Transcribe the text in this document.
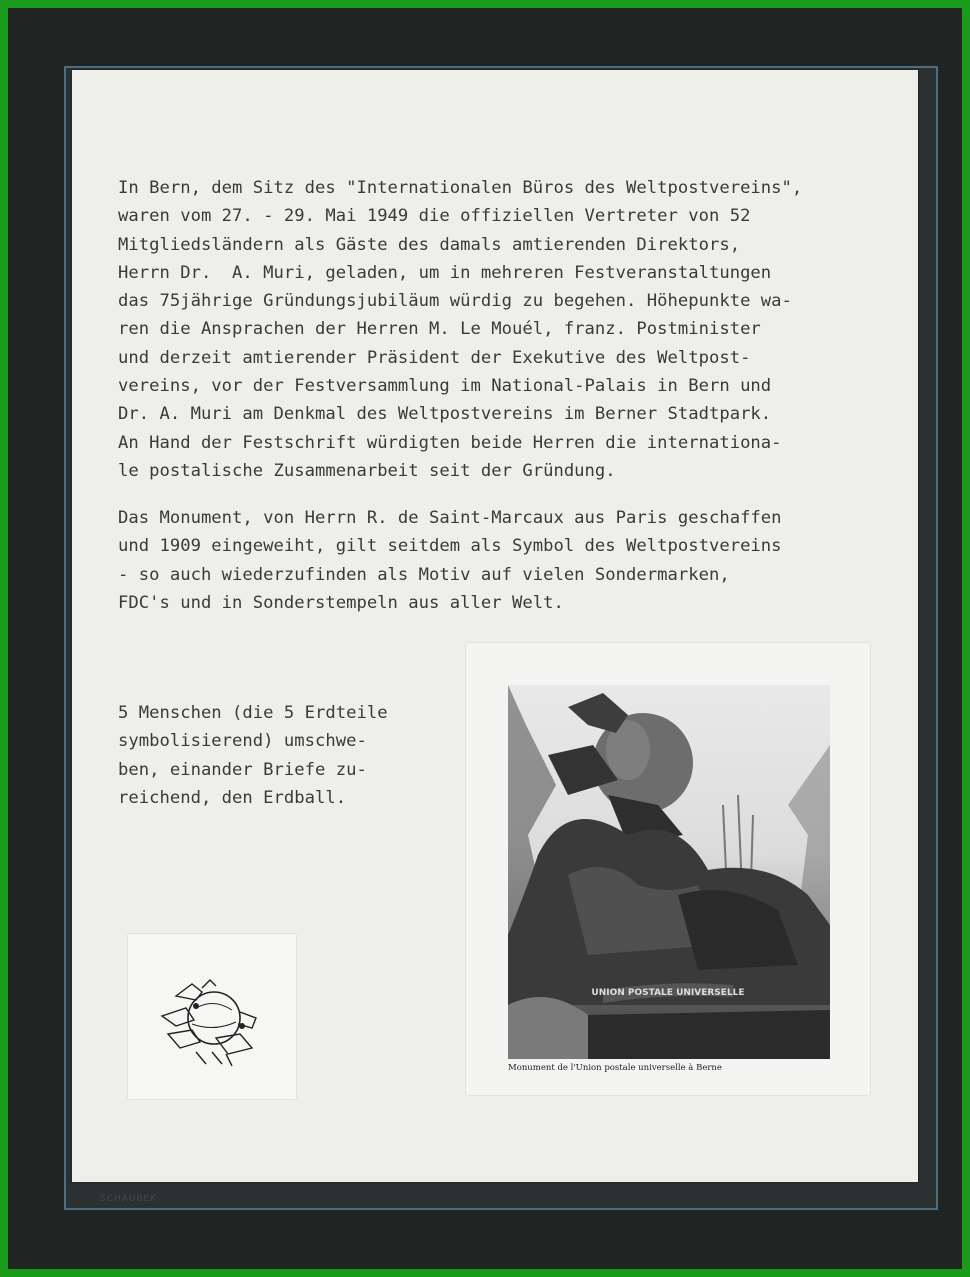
SCHAUBEK

In Bern, dem Sitz des "Internationalen Büros des Weltpostvereins",
waren vom 27. - 29. Mai 1949 die offiziellen Vertreter von 52
Mitgliedsländern als Gäste des damals amtierenden Direktors,
Herrn Dr.  A. Muri, geladen, um in mehreren Festveranstaltungen
das 75jährige Gründungsjubiläum würdig zu begehen. Höhepunkte wa-
ren die Ansprachen der Herren M. Le Mouél, franz. Postminister
und derzeit amtierender Präsident der Exekutive des Weltpost-
vereins, vor der Festversammlung im National-Palais in Bern und
Dr. A. Muri am Denkmal des Weltpostvereins im Berner Stadtpark.
An Hand der Festschrift würdigten beide Herren die internationa-
le postalische Zusammenarbeit seit der Gründung.

Das Monument, von Herrn R. de Saint-Marcaux aus Paris geschaffen
und 1909 eingeweiht, gilt seitdem als Symbol des Weltpostvereins
- so auch wiederzufinden als Motiv auf vielen Sondermarken,
FDC's und in Sonderstempeln aus aller Welt.

5 Menschen (die 5 Erdteile
symbolisierend) umschwe-
ben, einander Briefe zu-
reichend, den Erdball.

UNION POSTALE UNIVERSELLE
Monument de l'Union postale universelle à Berne
